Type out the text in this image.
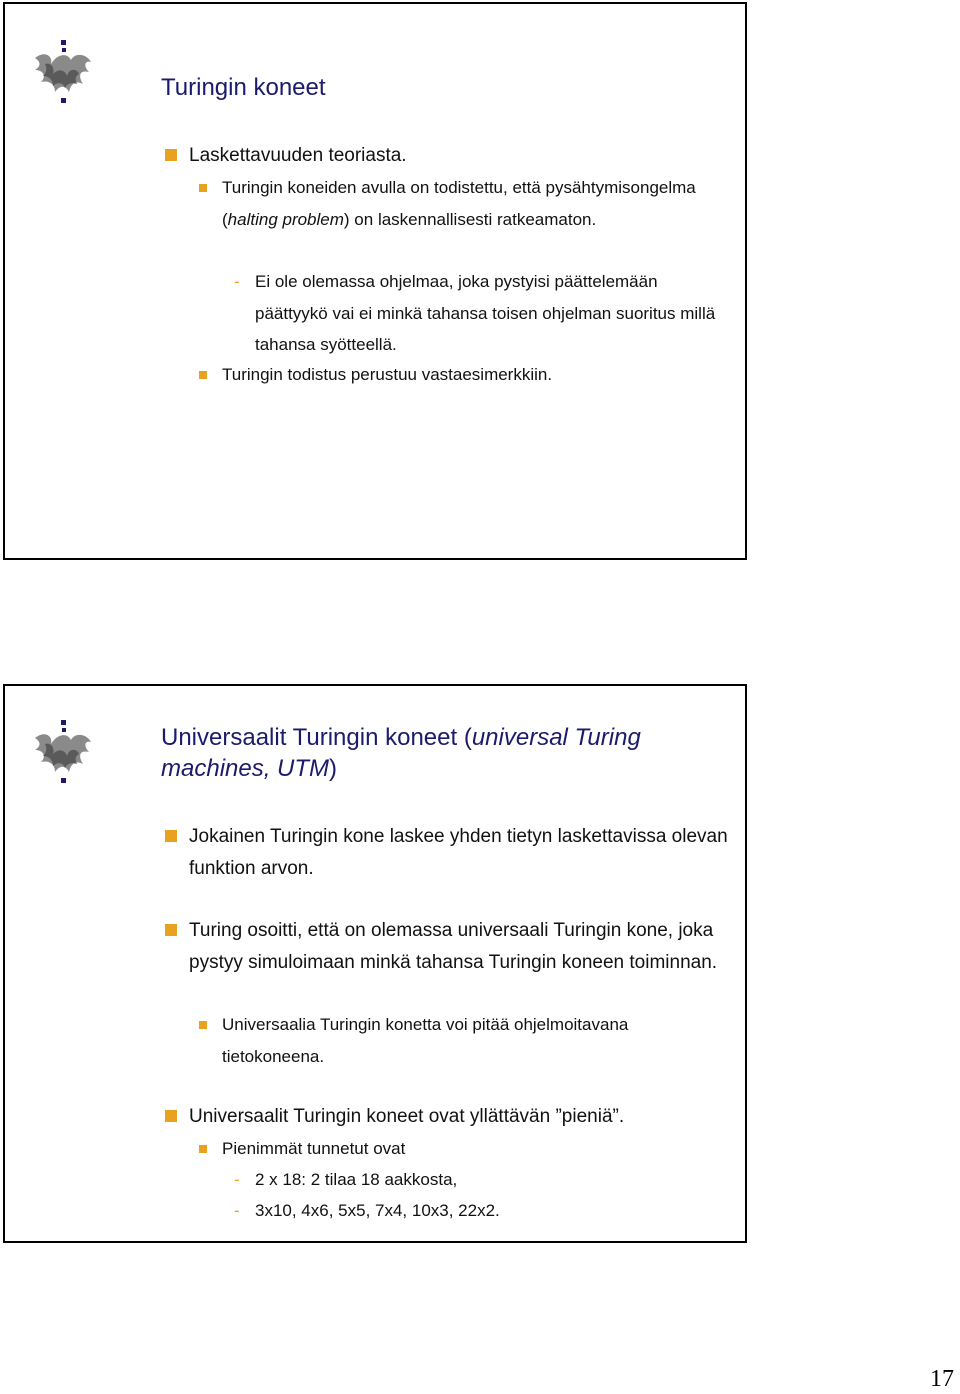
Turingin koneet
Laskettavuuden teoriasta.
Turingin koneiden avulla on todistettu, että pysähtymisongelma (halting problem) on laskennallisesti ratkeamaton.
- Ei ole olemassa ohjelmaa, joka pystyisi päättelemään päättyykö vai ei minkä tahansa toisen ohjelman suoritus millä tahansa syötteellä.
Turingin todistus perustuu vastaesimerkkiin.
Universaalit Turingin koneet (universal Turing machines, UTM)
Jokainen Turingin kone laskee yhden tietyn laskettavissa olevan funktion arvon.
Turing osoitti, että on olemassa universaali Turingin kone, joka pystyy simuloimaan minkä tahansa Turingin koneen toiminnan.
Universaalia Turingin konetta voi pitää ohjelmoitavana tietokoneena.
Universaalit Turingin koneet ovat yllättävän ”pieniä”.
Pienimmät tunnetut ovat
- 2 x 18: 2 tilaa 18 aakkosta,
- 3x10, 4x6, 5x5, 7x4, 10x3, 22x2.
17
